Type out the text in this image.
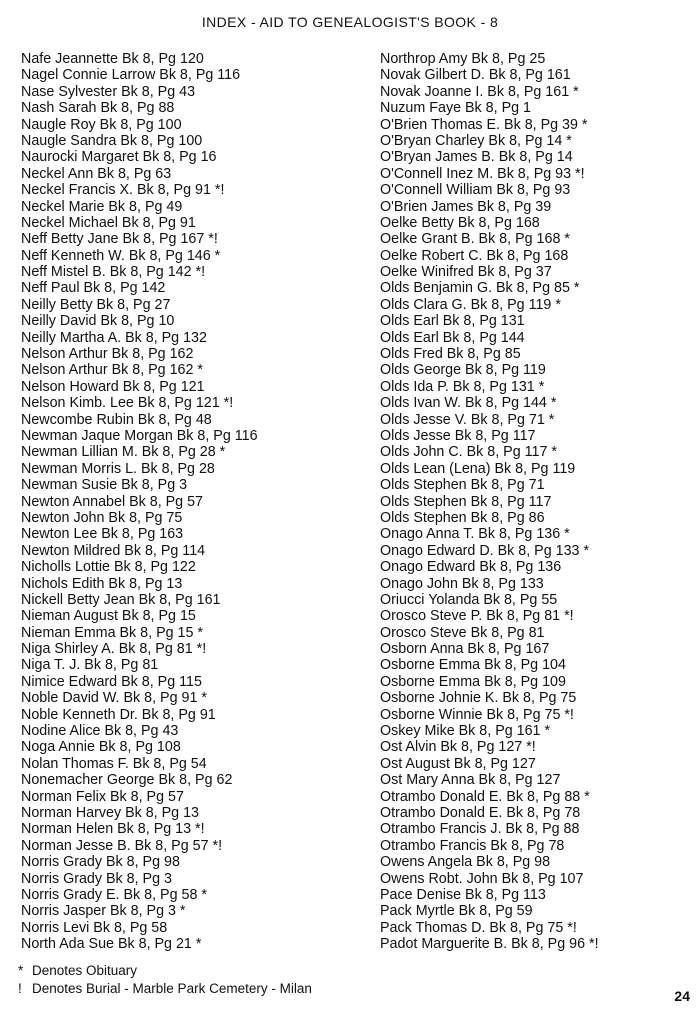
INDEX - AID TO GENEALOGIST'S BOOK - 8
Nafe Jeannette Bk 8, Pg 120
Nagel Connie Larrow Bk 8, Pg 116
Nase Sylvester Bk 8, Pg 43
Nash Sarah Bk 8, Pg 88
Naugle Roy Bk 8, Pg 100
Naugle Sandra Bk 8, Pg 100
Naurocki Margaret Bk 8, Pg 16
Neckel Ann Bk 8, Pg 63
Neckel Francis X. Bk 8, Pg 91 *!
Neckel Marie Bk 8, Pg 49
Neckel Michael Bk 8, Pg 91
Neff Betty Jane Bk 8, Pg 167 *!
Neff Kenneth W. Bk 8, Pg 146 *
Neff Mistel B. Bk 8, Pg 142 *!
Neff Paul Bk 8, Pg 142
Neilly Betty Bk 8, Pg 27
Neilly David Bk 8, Pg 10
Neilly Martha A. Bk 8, Pg 132
Nelson Arthur Bk 8, Pg 162
Nelson Arthur Bk 8, Pg 162 *
Nelson Howard Bk 8, Pg 121
Nelson Kimb. Lee Bk 8, Pg 121 *!
Newcombe Rubin Bk 8, Pg 48
Newman Jaque Morgan Bk 8, Pg 116
Newman Lillian M. Bk 8, Pg 28 *
Newman Morris L. Bk 8, Pg 28
Newman Susie Bk 8, Pg 3
Newton Annabel Bk 8, Pg 57
Newton John Bk 8, Pg 75
Newton Lee Bk 8, Pg 163
Newton Mildred Bk 8, Pg 114
Nicholls Lottie Bk 8, Pg 122
Nichols Edith Bk 8, Pg 13
Nickell Betty Jean Bk 8, Pg 161
Nieman August Bk 8, Pg 15
Nieman Emma Bk 8, Pg 15 *
Niga Shirley A. Bk 8, Pg 81 *!
Niga T. J. Bk 8, Pg 81
Nimice Edward Bk 8, Pg 115
Noble David W. Bk 8, Pg 91 *
Noble Kenneth Dr. Bk 8, Pg 91
Nodine Alice Bk 8, Pg 43
Noga Annie Bk 8, Pg 108
Nolan Thomas F. Bk 8, Pg 54
Nonemacher George Bk 8, Pg 62
Norman Felix Bk 8, Pg 57
Norman Harvey Bk 8, Pg 13
Norman Helen Bk 8, Pg 13 *!
Norman Jesse B. Bk 8, Pg 57 *!
Norris Grady Bk 8, Pg 98
Norris Grady Bk 8, Pg 3
Norris Grady E. Bk 8, Pg 58 *
Norris Jasper Bk 8, Pg 3 *
Norris Levi Bk 8, Pg 58
North Ada Sue Bk 8, Pg 21 *
Northrop Amy Bk 8, Pg 25
Novak Gilbert D. Bk 8, Pg 161
Novak Joanne I. Bk 8, Pg 161 *
Nuzum Faye Bk 8, Pg 1
O'Brien Thomas E. Bk 8, Pg 39 *
O'Bryan Charley Bk 8, Pg 14 *
O'Bryan James B. Bk 8, Pg 14
O'Connell Inez M. Bk 8, Pg 93 *!
O'Connell William Bk 8, Pg 93
O'Brien James Bk 8, Pg 39
Oelke Betty Bk 8, Pg 168
Oelke Grant B. Bk 8, Pg 168 *
Oelke Robert C. Bk 8, Pg 168
Oelke Winifred Bk 8, Pg 37
Olds Benjamin G. Bk 8, Pg 85 *
Olds Clara G. Bk 8, Pg 119 *
Olds Earl Bk 8, Pg 131
Olds Earl Bk 8, Pg 144
Olds Fred Bk 8, Pg 85
Olds George Bk 8, Pg 119
Olds Ida P. Bk 8, Pg 131 *
Olds Ivan W. Bk 8, Pg 144 *
Olds Jesse V. Bk 8, Pg 71 *
Olds Jesse Bk 8, Pg 117
Olds John C. Bk 8, Pg 117 *
Olds Lean (Lena) Bk 8, Pg 119
Olds Stephen Bk 8, Pg 71
Olds Stephen Bk 8, Pg 117
Olds Stephen Bk 8, Pg 86
Onago Anna T. Bk 8, Pg 136 *
Onago Edward D. Bk 8, Pg 133 *
Onago Edward Bk 8, Pg 136
Onago John Bk 8, Pg 133
Oriucci Yolanda Bk 8, Pg 55
Orosco Steve P. Bk 8, Pg 81 *!
Orosco Steve Bk 8, Pg 81
Osborn Anna Bk 8, Pg 167
Osborne Emma Bk 8, Pg 104
Osborne Emma Bk 8, Pg 109
Osborne Johnie K. Bk 8, Pg 75
Osborne Winnie Bk 8, Pg 75 *!
Oskey Mike Bk 8, Pg 161 *
Ost Alvin Bk 8, Pg 127 *!
Ost August Bk 8, Pg 127
Ost Mary Anna Bk 8, Pg 127
Otrambo Donald E. Bk 8, Pg 88 *
Otrambo Donald E. Bk 8, Pg 78
Otrambo Francis J. Bk 8, Pg 88
Otrambo Francis Bk 8, Pg 78
Owens Angela Bk 8, Pg 98
Owens Robt. John Bk 8, Pg 107
Pace Denise Bk 8, Pg 113
Pack Myrtle Bk 8, Pg 59
Pack Thomas D. Bk 8, Pg 75 *!
Padot Marguerite B. Bk 8, Pg 96 *!
* Denotes Obituary
! Denotes Burial - Marble Park Cemetery - Milan	24
